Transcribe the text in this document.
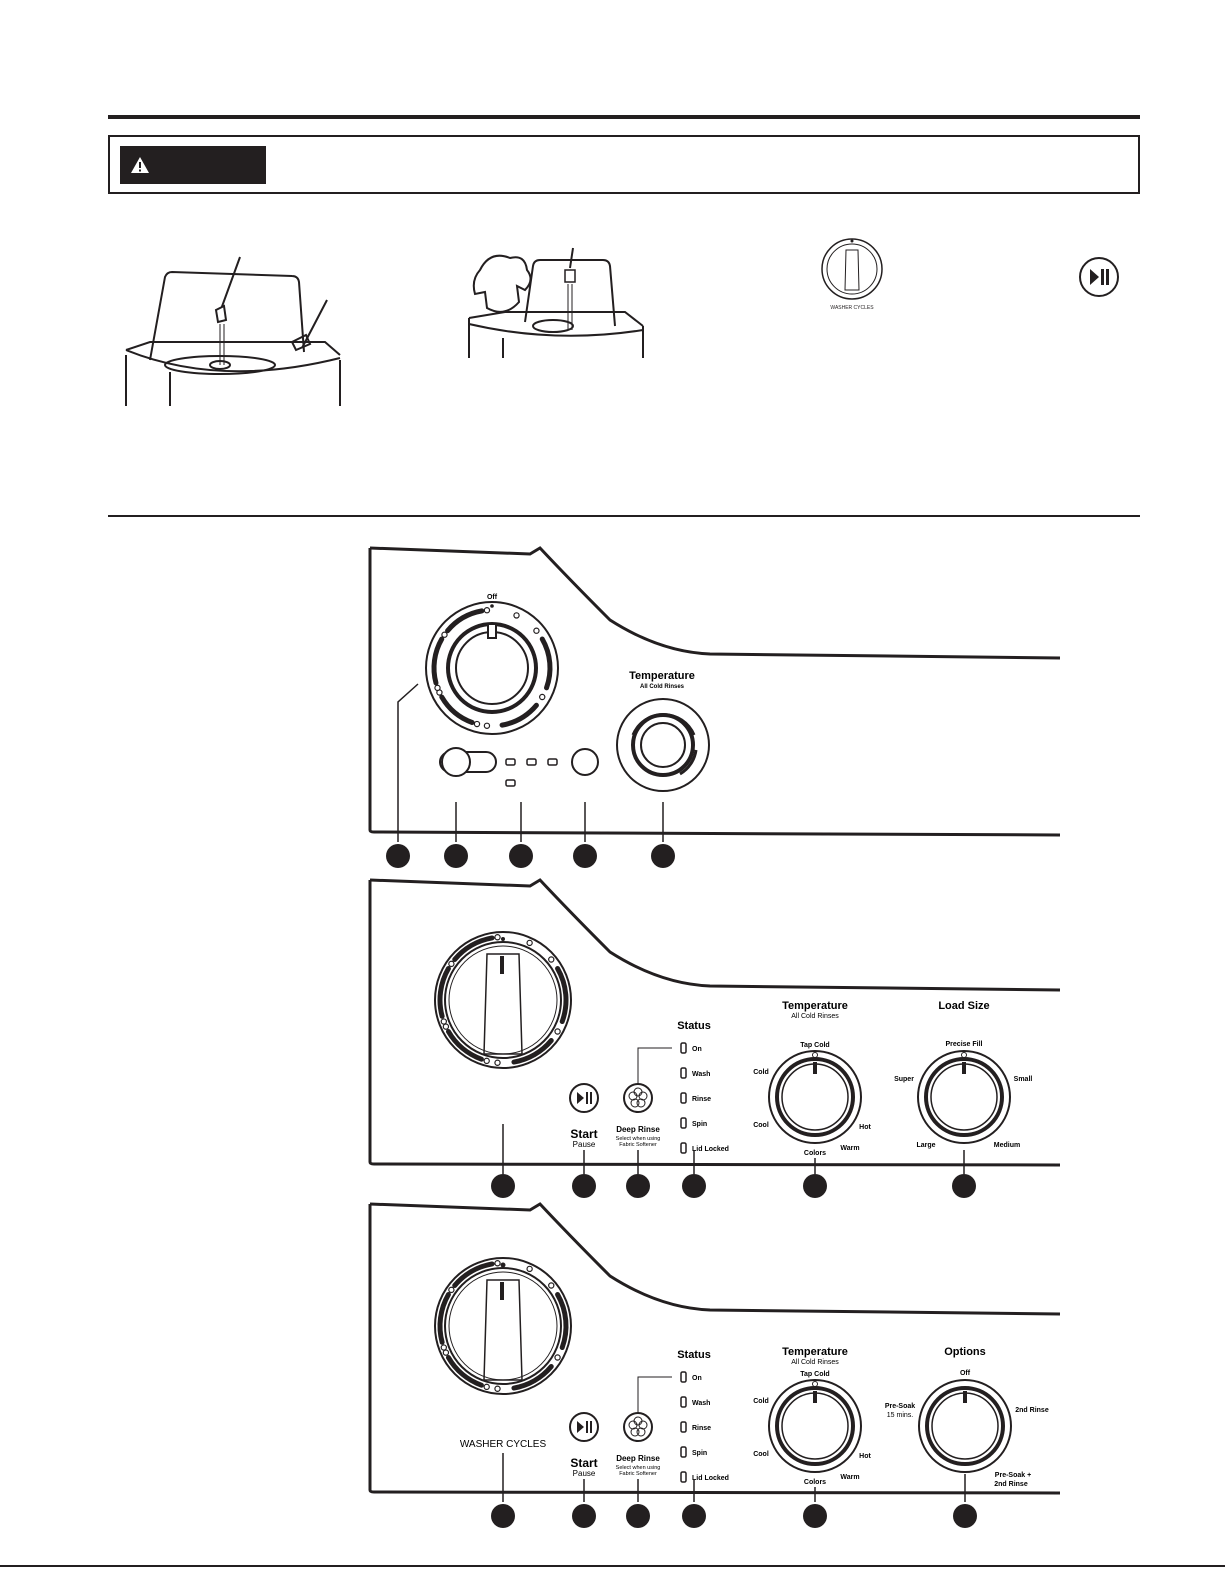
WASHER CYCLES
Off
Temperature
All Cold Rinses
Start
Pause
Deep Rinse
Select when using
Fabric Softener
Status
On
Wash
Rinse
Spin
Lid Locked
Temperature
All Cold Rinses
Tap Cold
Cold
Cool
Colors
Warm
Hot
Load Size
Precise Fill
Super	Small
Large	Medium
WASHER CYCLES
Start
Pause
Deep Rinse
Select when using
Fabric Softener
Status
On
Wash
Rinse
Spin
Lid Locked
Temperature
All Cold Rinses
Tap Cold
Cold
Cool
Colors
Warm
Hot
Options
Off
Pre-Soak
15 mins.
2nd Rinse
Pre-Soak +
2nd Rinse
